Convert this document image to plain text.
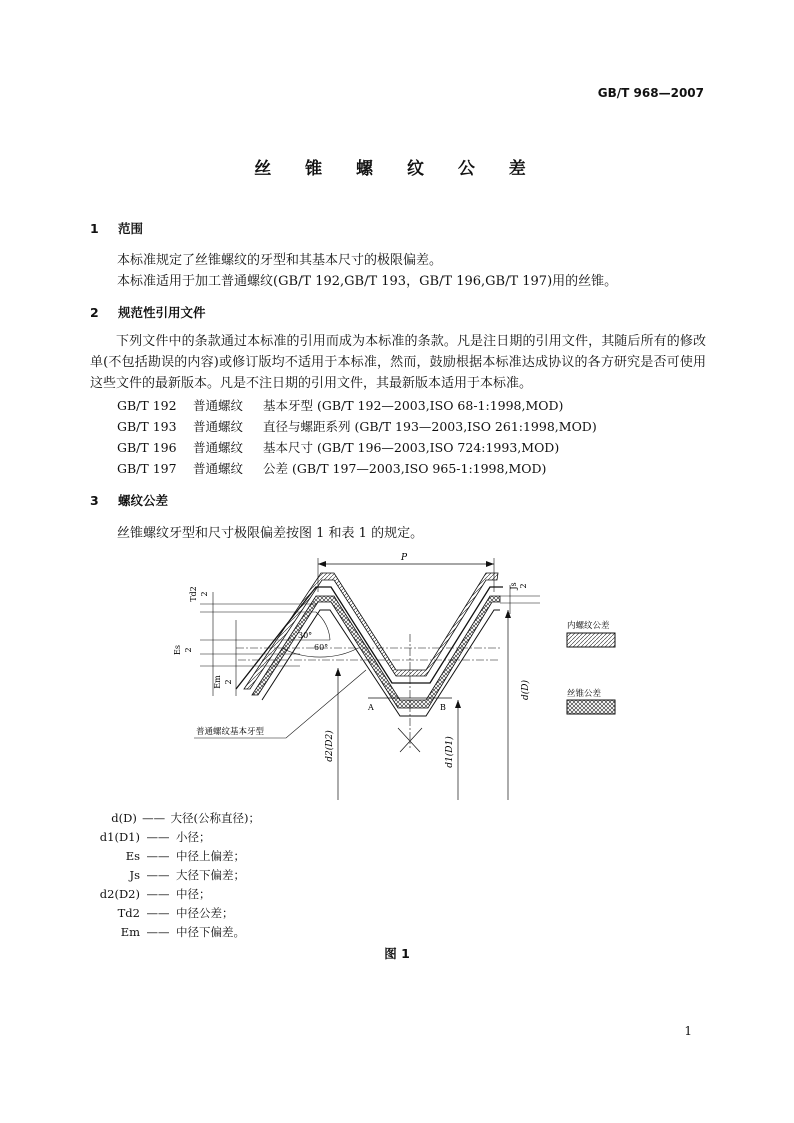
GB/T 968—2007
丝 锥 螺 纹 公 差
1 范围
本标准规定了丝锥螺纹的牙型和其基本尺寸的极限偏差。
本标准适用于加工普通螺纹(GB/T 192,GB/T 193，GB/T 196,GB/T 197)用的丝锥。
2 规范性引用文件
下列文件中的条款通过本标准的引用而成为本标准的条款。凡是注日期的引用文件，其随后所有的修改单(不包括勘误的内容)或修订版均不适用于本标准，然而，鼓励根据本标准达成协议的各方研究是否可使用这些文件的最新版本。凡是不注日期的引用文件，其最新版本适用于本标准。
GB/T 192 普通螺纹 基本牙型 (GB/T 192—2003,ISO 68-1:1998,MOD)
GB/T 193 普通螺纹 直径与螺距系列 (GB/T 193—2003,ISO 261:1998,MOD)
GB/T 196 普通螺纹 基本尺寸 (GB/T 196—2003,ISO 724:1993,MOD)
GB/T 197 普通螺纹 公差 (GB/T 197—2003,ISO 965-1:1998,MOD)
3 螺纹公差
丝锥螺纹牙型和尺寸极限偏差按图 1 和表 1 的规定。
P
Js 2
d(D)
Td2 2
Es 2
Em 2
30°
60°
A	B
d2(D2)	d1(D1)
普通螺纹基本牙型
内螺纹公差
丝锥公差
d(D) —— 大径(公称直径)；
d1(D1) —— 小径；
Es —— 中径上偏差；
Js —— 大径下偏差；
d2(D2) —— 中径；
Td2 —— 中径公差；
Em —— 中径下偏差。
图 1
1
